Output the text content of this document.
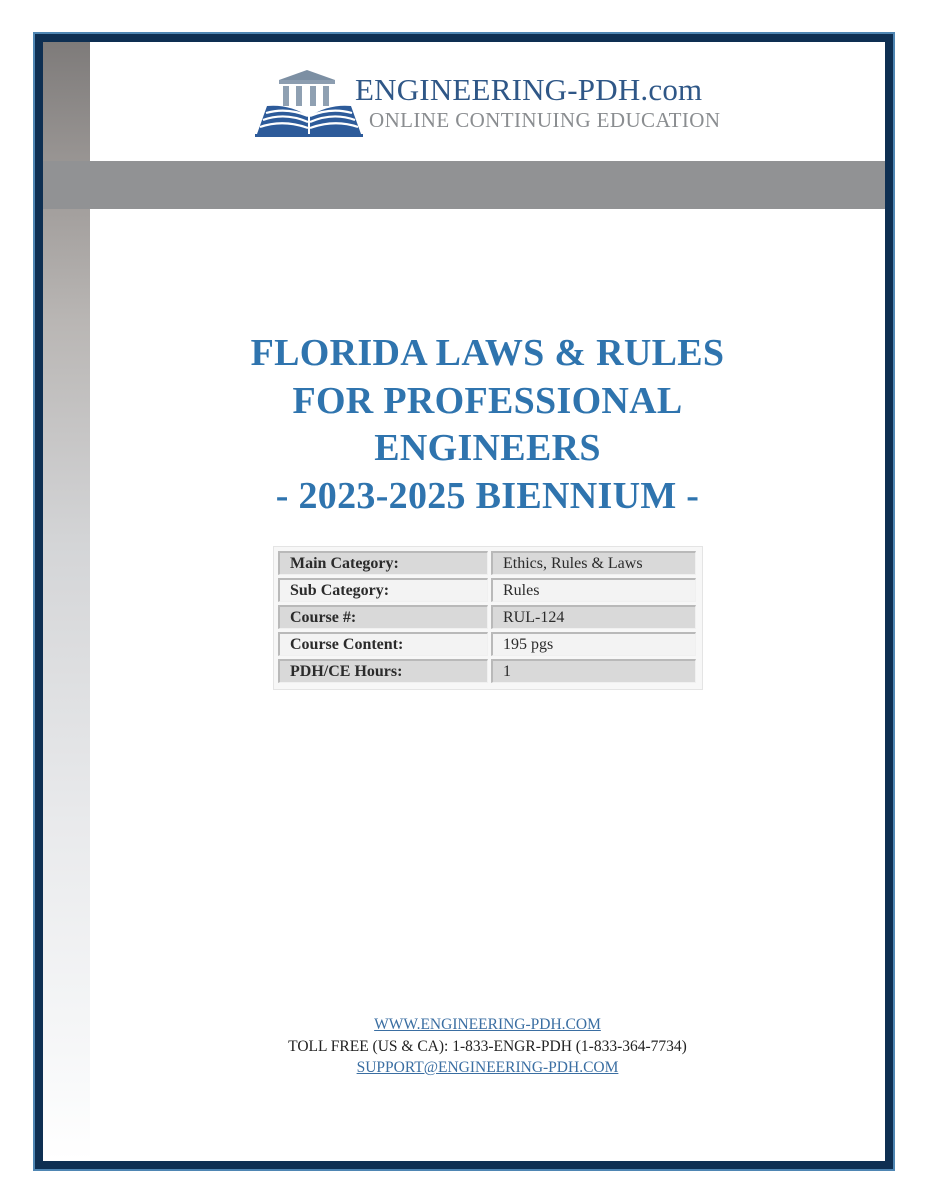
ENGINEERING-PDH.com
ONLINE CONTINUING EDUCATION
FLORIDA LAWS & RULES
FOR PROFESSIONAL
ENGINEERS
- 2023-2025 BIENNIUM -
Main Category:	Ethics, Rules & Laws
Sub Category:	Rules
Course #:	RUL-124
Course Content:	195 pgs
PDH/CE Hours:	1
WWW.ENGINEERING-PDH.COM
TOLL FREE (US & CA): 1-833-ENGR-PDH (1-833-364-7734)
SUPPORT@ENGINEERING-PDH.COM
